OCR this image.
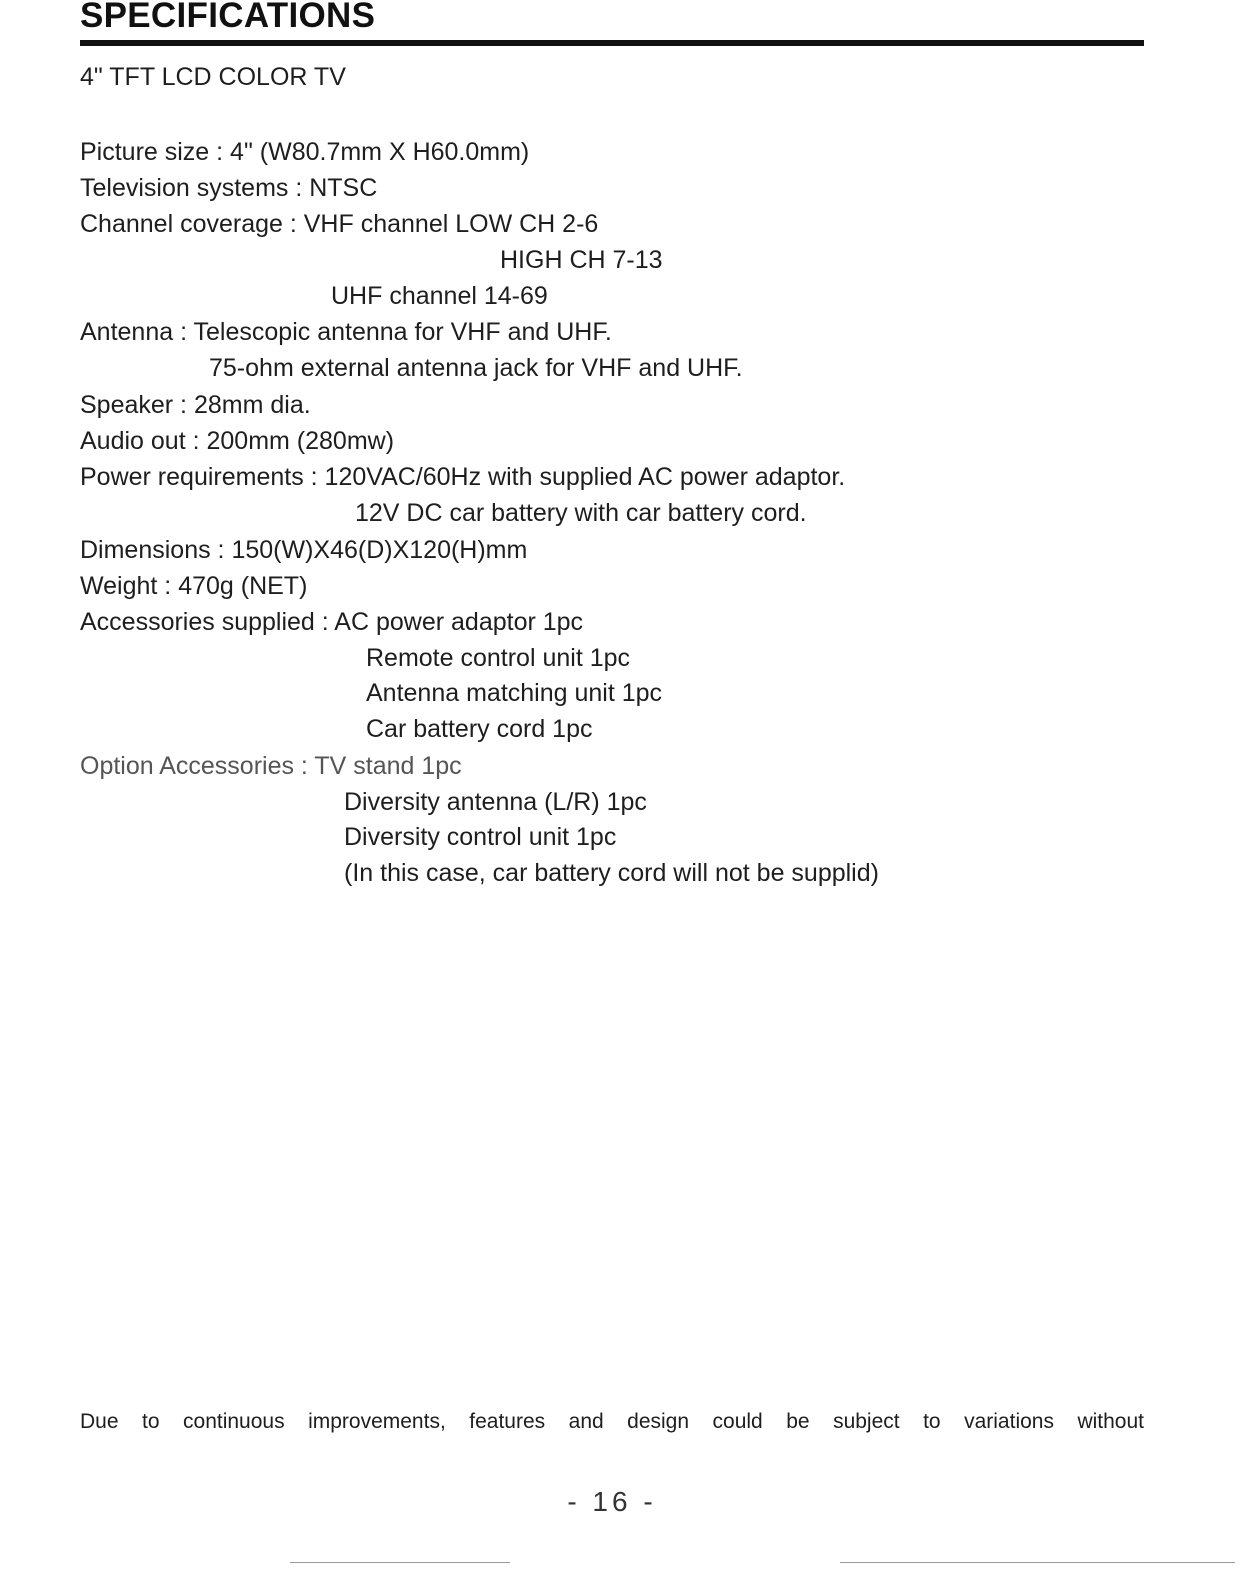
SPECIFICATIONS
4" TFT LCD COLOR TV
Picture size : 4" (W80.7mm X H60.0mm)
Television systems : NTSC
Channel coverage : VHF channel LOW CH 2-6
HIGH CH 7-13
UHF channel 14-69
Antenna : Telescopic antenna for VHF and UHF.
75-ohm external antenna jack for VHF and UHF.
Speaker : 28mm dia.
Audio out : 200mm (280mw)
Power requirements : 120VAC/60Hz with supplied AC power adaptor.
12V DC car battery with car battery cord.
Dimensions : 150(W)X46(D)X120(H)mm
Weight : 470g (NET)
Accessories supplied : AC power adaptor 1pc
Remote control unit 1pc
Antenna matching unit 1pc
Car battery cord 1pc
Option Accessories : TV stand 1pc
Diversity antenna (L/R) 1pc
Diversity control unit 1pc
(In this case, car battery cord will not be supplid)
Due to continuous improvements, features and design could be subject to variations without
- 16 -
